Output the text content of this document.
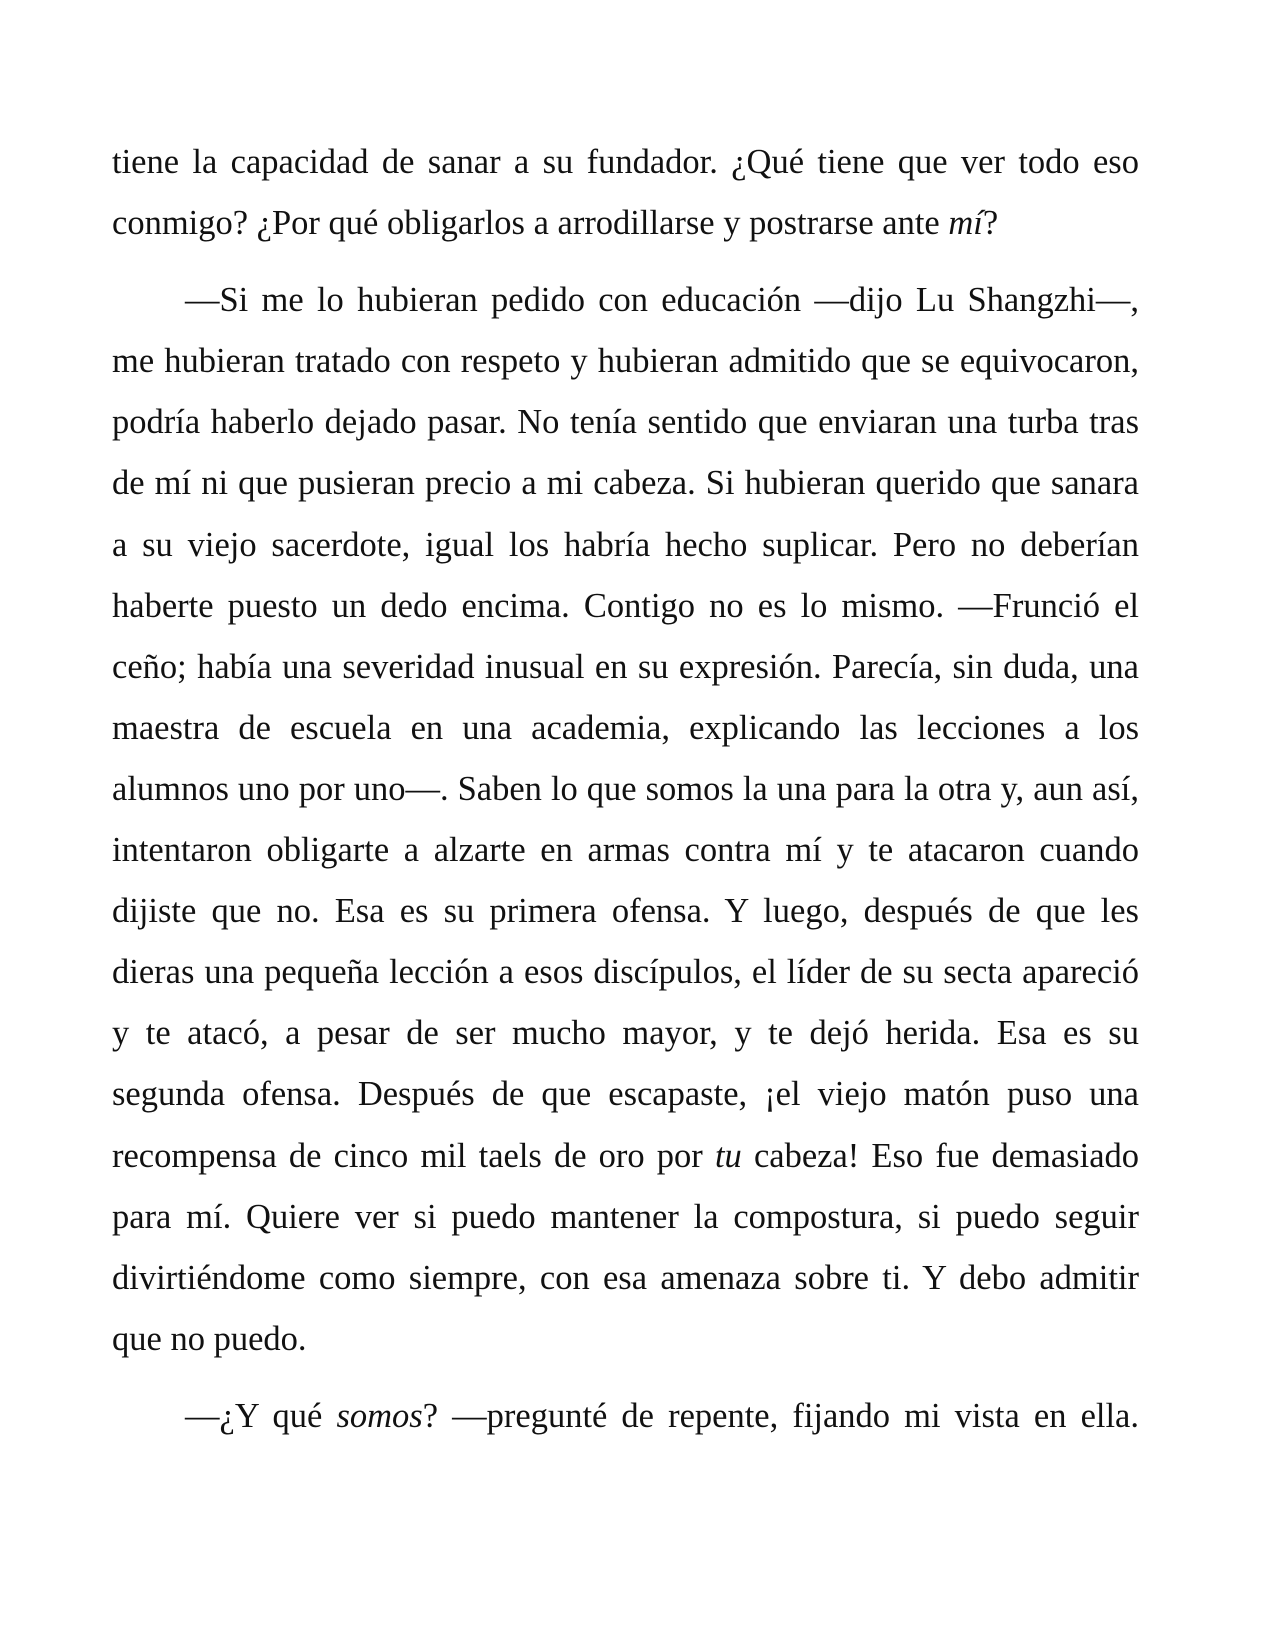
tiene la capacidad de sanar a su fundador. ¿Qué tiene que ver todo eso conmigo? ¿Por qué obligarlos a arrodillarse y postrarse ante mí?

—Si me lo hubieran pedido con educación —dijo Lu Shangzhi—, me hubieran tratado con respeto y hubieran admitido que se equivocaron, podría haberlo dejado pasar. No tenía sentido que enviaran una turba tras de mí ni que pusieran precio a mi cabeza. Si hubieran querido que sanara a su viejo sacerdote, igual los habría hecho suplicar. Pero no deberían haberte puesto un dedo encima. Contigo no es lo mismo. —Frunció el ceño; había una severidad inusual en su expresión. Parecía, sin duda, una maestra de escuela en una academia, explicando las lecciones a los alumnos uno por uno—. Saben lo que somos la una para la otra y, aun así, intentaron obligarte a alzarte en armas contra mí y te atacaron cuando dijiste que no. Esa es su primera ofensa. Y luego, después de que les dieras una pequeña lección a esos discípulos, el líder de su secta apareció y te atacó, a pesar de ser mucho mayor, y te dejó herida. Esa es su segunda ofensa. Después de que escapaste, ¡el viejo matón puso una recompensa de cinco mil taels de oro por tu cabeza! Eso fue demasiado para mí. Quiere ver si puedo mantener la compostura, si puedo seguir divirtiéndome como siempre, con esa amenaza sobre ti. Y debo admitir que no puedo.

—¿Y qué somos? —pregunté de repente, fijando mi vista en ella.
